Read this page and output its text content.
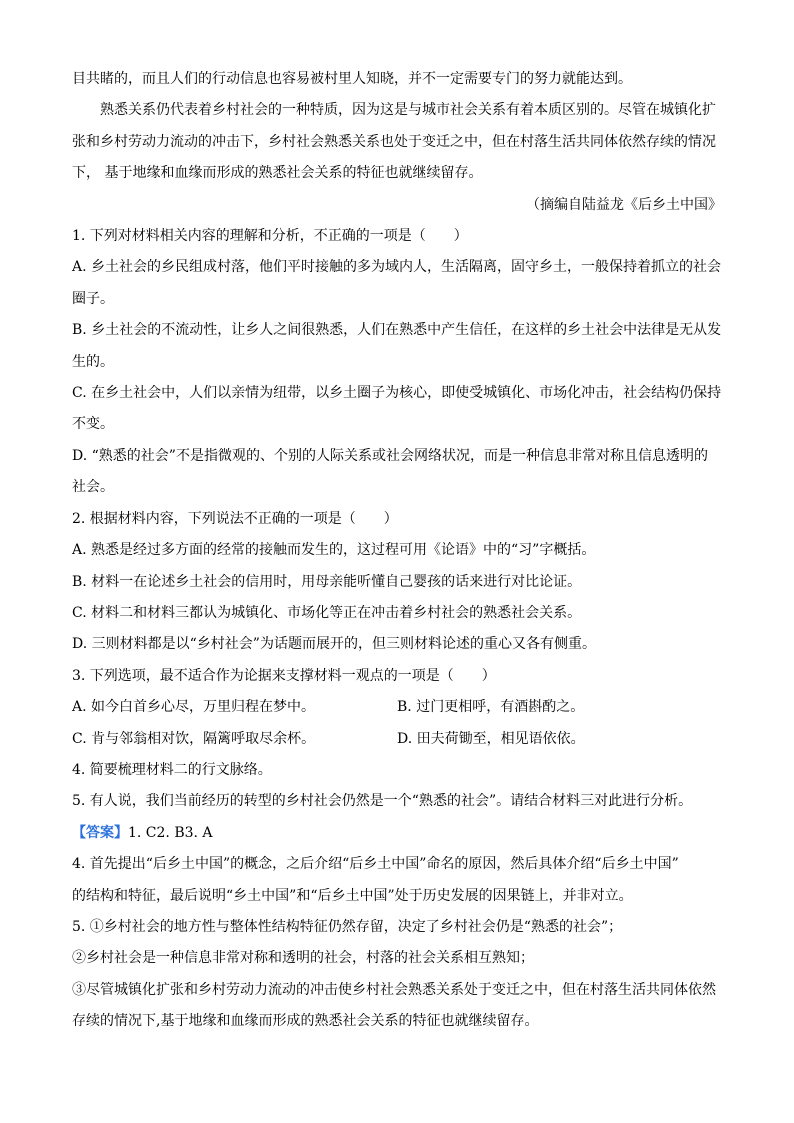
目共睹的，而且人们的行动信息也容易被村里人知晓，并不一定需要专门的努力就能达到。
熟悉关系仍代表着乡村社会的一种特质，因为这是与城市社会关系有着本质区别的。尽管在城镇化扩
张和乡村劳动力流动的冲击下，乡村社会熟悉关系也处于变迁之中，但在村落生活共同体依然存续的情况
下， 基于地缘和血缘而形成的熟悉社会关系的特征也就继续留存。
（摘编自陆益龙《后乡土中国》
1. 下列对材料相关内容的理解和分析，不正确的一项是（　　）
A. 乡土社会的乡民组成村落，他们平时接触的多为域内人，生活隔离，固守乡土，一般保持着抓立的社会
圈子。
B. 乡土社会的不流动性，让乡人之间很熟悉，人们在熟悉中产生信任，在这样的乡土社会中法律是无从发
生的。
C. 在乡土社会中，人们以亲情为纽带，以乡土圈子为核心，即使受城镇化、市场化冲击，社会结构仍保持
不变。
D. “熟悉的社会”不是指微观的、个别的人际关系或社会网络状况，而是一种信息非常对称且信息透明的
社会。
2. 根据材料内容，下列说法不正确的一项是（　　）
A. 熟悉是经过多方面的经常的接触而发生的，这过程可用《论语》中的“习”字概括。
B. 材料一在论述乡土社会的信用时，用母亲能听懂自己婴孩的话来进行对比论证。
C. 材料二和材料三都认为城镇化、市场化等正在冲击着乡村社会的熟悉社会关系。
D. 三则材料都是以“乡村社会”为话题而展开的，但三则材料论述的重心又各有侧重。
3. 下列选项，最不适合作为论据来支撑材料一观点的一项是（　　）
A. 如今白首乡心尽，万里归程在梦中。	B. 过门更相呼，有酒斟酌之。
C. 肯与邻翁相对饮，隔篱呼取尽余杯。	D. 田夫荷锄至，相见语依依。
4. 简要梳理材料二的行文脉络。
5. 有人说，我们当前经历的转型的乡村社会仍然是一个“熟悉的社会”。请结合材料三对此进行分析。
【答案】1. C2. B3. A
4. 首先提出“后乡土中国”的概念，之后介绍“后乡土中国”命名的原因，然后具体介绍“后乡土中国”
的结构和特征，最后说明“乡土中国”和“后乡土中国”处于历史发展的因果链上，并非对立。
5. ①乡村社会的地方性与整体性结构特征仍然存留，决定了乡村社会仍是“熟悉的社会”；
②乡村社会是一种信息非常对称和透明的社会，村落的社会关系相互熟知；
③尽管城镇化扩张和乡村劳动力流动的冲击使乡村社会熟悉关系处于变迁之中，但在村落生活共同体依然
存续的情况下,基于地缘和血缘而形成的熟悉社会关系的特征也就继续留存。
